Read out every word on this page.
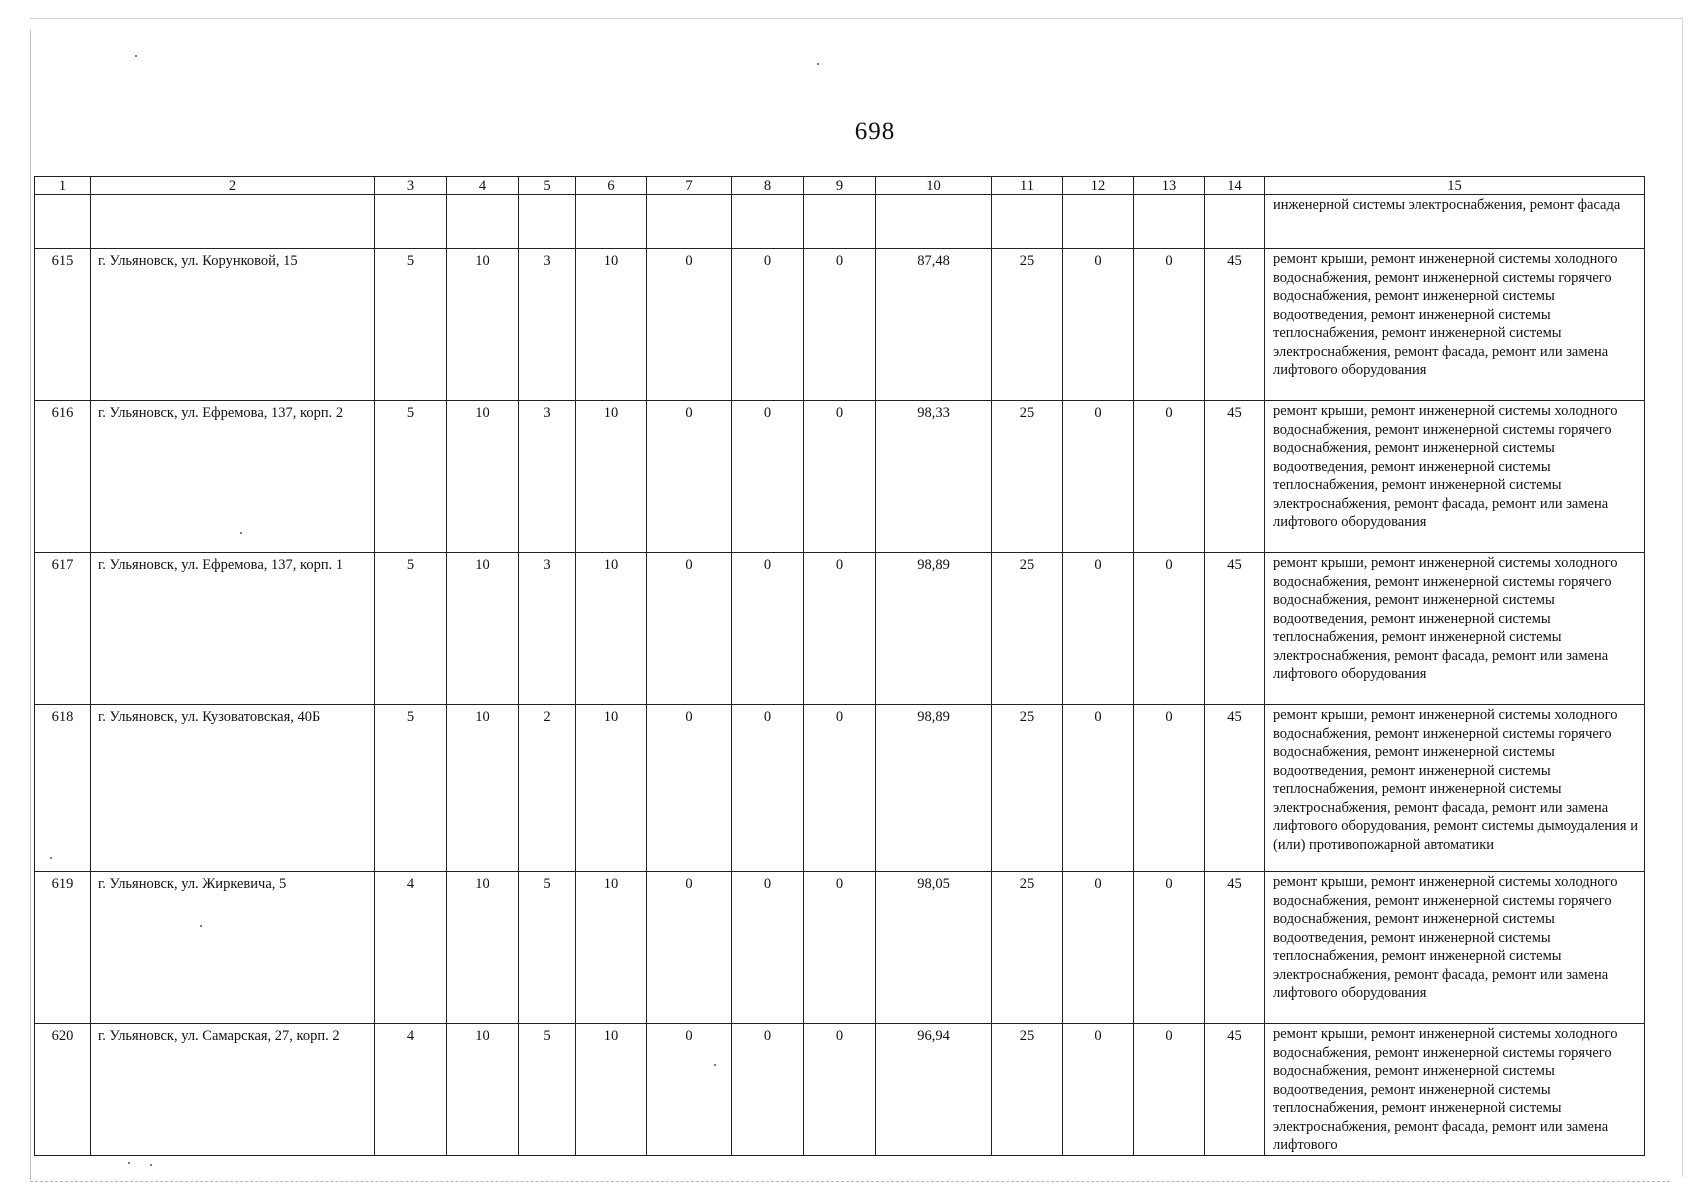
698
1	2	3	4	5	6	7	8	9	10	11	12	13	14	15
														инженерной системы электроснабжения, ремонт фасада
615	г. Ульяновск, ул. Корунковой, 15	5	10	3	10	0	0	0	87,48	25	0	0	45	ремонт крыши, ремонт инженерной системы холодного водоснабжения, ремонт инженерной системы горячего водоснабжения, ремонт инженерной системы водоотведения, ремонт инженерной системы теплоснабжения, ремонт инженерной системы электроснабжения, ремонт фасада, ремонт или замена лифтового оборудования
616	г. Ульяновск, ул. Ефремова, 137, корп. 2	5	10	3	10	0	0	0	98,33	25	0	0	45	ремонт крыши, ремонт инженерной системы холодного водоснабжения, ремонт инженерной системы горячего водоснабжения, ремонт инженерной системы водоотведения, ремонт инженерной системы теплоснабжения, ремонт инженерной системы электроснабжения, ремонт фасада, ремонт или замена лифтового оборудования
617	г. Ульяновск, ул. Ефремова, 137, корп. 1	5	10	3	10	0	0	0	98,89	25	0	0	45	ремонт крыши, ремонт инженерной системы холодного водоснабжения, ремонт инженерной системы горячего водоснабжения, ремонт инженерной системы водоотведения, ремонт инженерной системы теплоснабжения, ремонт инженерной системы электроснабжения, ремонт фасада, ремонт или замена лифтового оборудования
618	г. Ульяновск, ул. Кузоватовская, 40Б	5	10	2	10	0	0	0	98,89	25	0	0	45	ремонт крыши, ремонт инженерной системы холодного водоснабжения, ремонт инженерной системы горячего водоснабжения, ремонт инженерной системы водоотведения, ремонт инженерной системы теплоснабжения, ремонт инженерной системы электроснабжения, ремонт фасада, ремонт или замена лифтового оборудования, ремонт системы дымоудаления и (или) противопожарной автоматики
619	г. Ульяновск, ул. Жиркевича, 5	4	10	5	10	0	0	0	98,05	25	0	0	45	ремонт крыши, ремонт инженерной системы холодного водоснабжения, ремонт инженерной системы горячего водоснабжения, ремонт инженерной системы водоотведения, ремонт инженерной системы теплоснабжения, ремонт инженерной системы электроснабжения, ремонт фасада, ремонт или замена лифтового оборудования
620	г. Ульяновск, ул. Самарская, 27, корп. 2	4	10	5	10	0	0	0	96,94	25	0	0	45	ремонт крыши, ремонт инженерной системы холодного водоснабжения, ремонт инженерной системы горячего водоснабжения, ремонт инженерной системы водоотведения, ремонт инженерной системы теплоснабжения, ремонт инженерной системы электроснабжения, ремонт фасада, ремонт или замена лифтового
